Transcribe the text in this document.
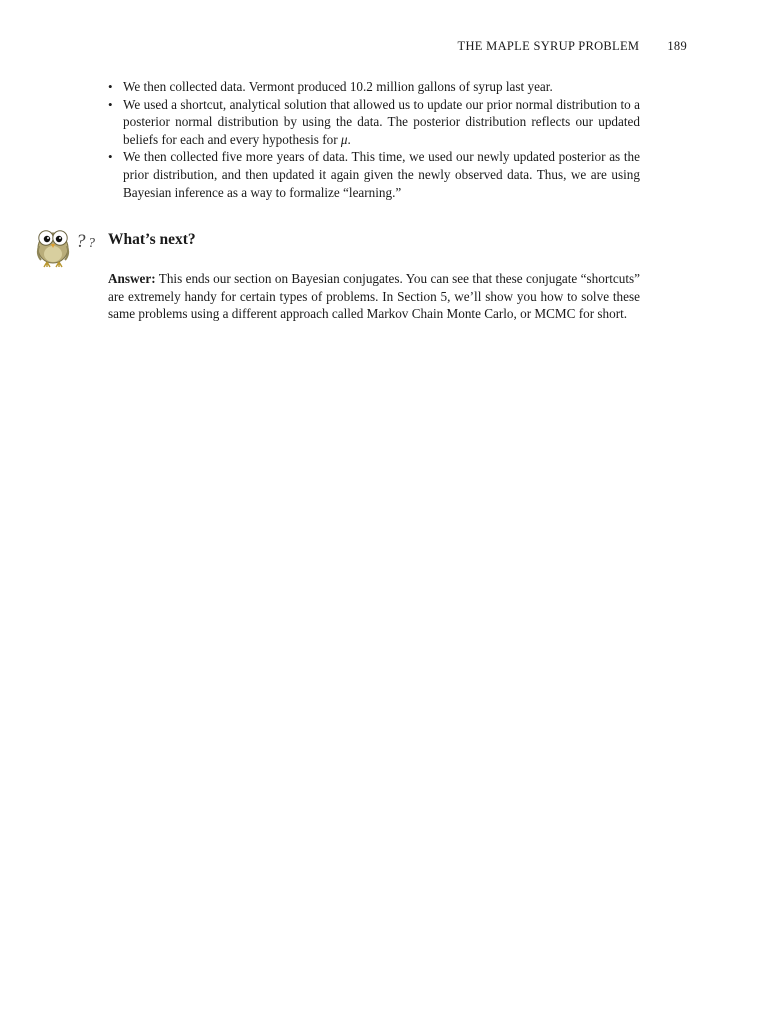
THE MAPLE SYRUP PROBLEM 189
• We then collected data. Vermont produced 10.2 million gallons of syrup last year.
• We used a shortcut, analytical solution that allowed us to update our prior normal distribution to a posterior normal distribution by using the data. The posterior distribution reflects our updated beliefs for each and every hypothesis for μ.
• We then collected five more years of data. This time, we used our newly updated posterior as the prior distribution, and then updated it again given the newly observed data. Thus, we are using Bayesian inference as a way to formalize “learning.”
? ? What’s next?

Answer: This ends our section on Bayesian conjugates. You can see that these conjugate “shortcuts” are extremely handy for certain types of problems. In Section 5, we’ll show you how to solve these same problems using a different approach called Markov Chain Monte Carlo, or MCMC for short.
